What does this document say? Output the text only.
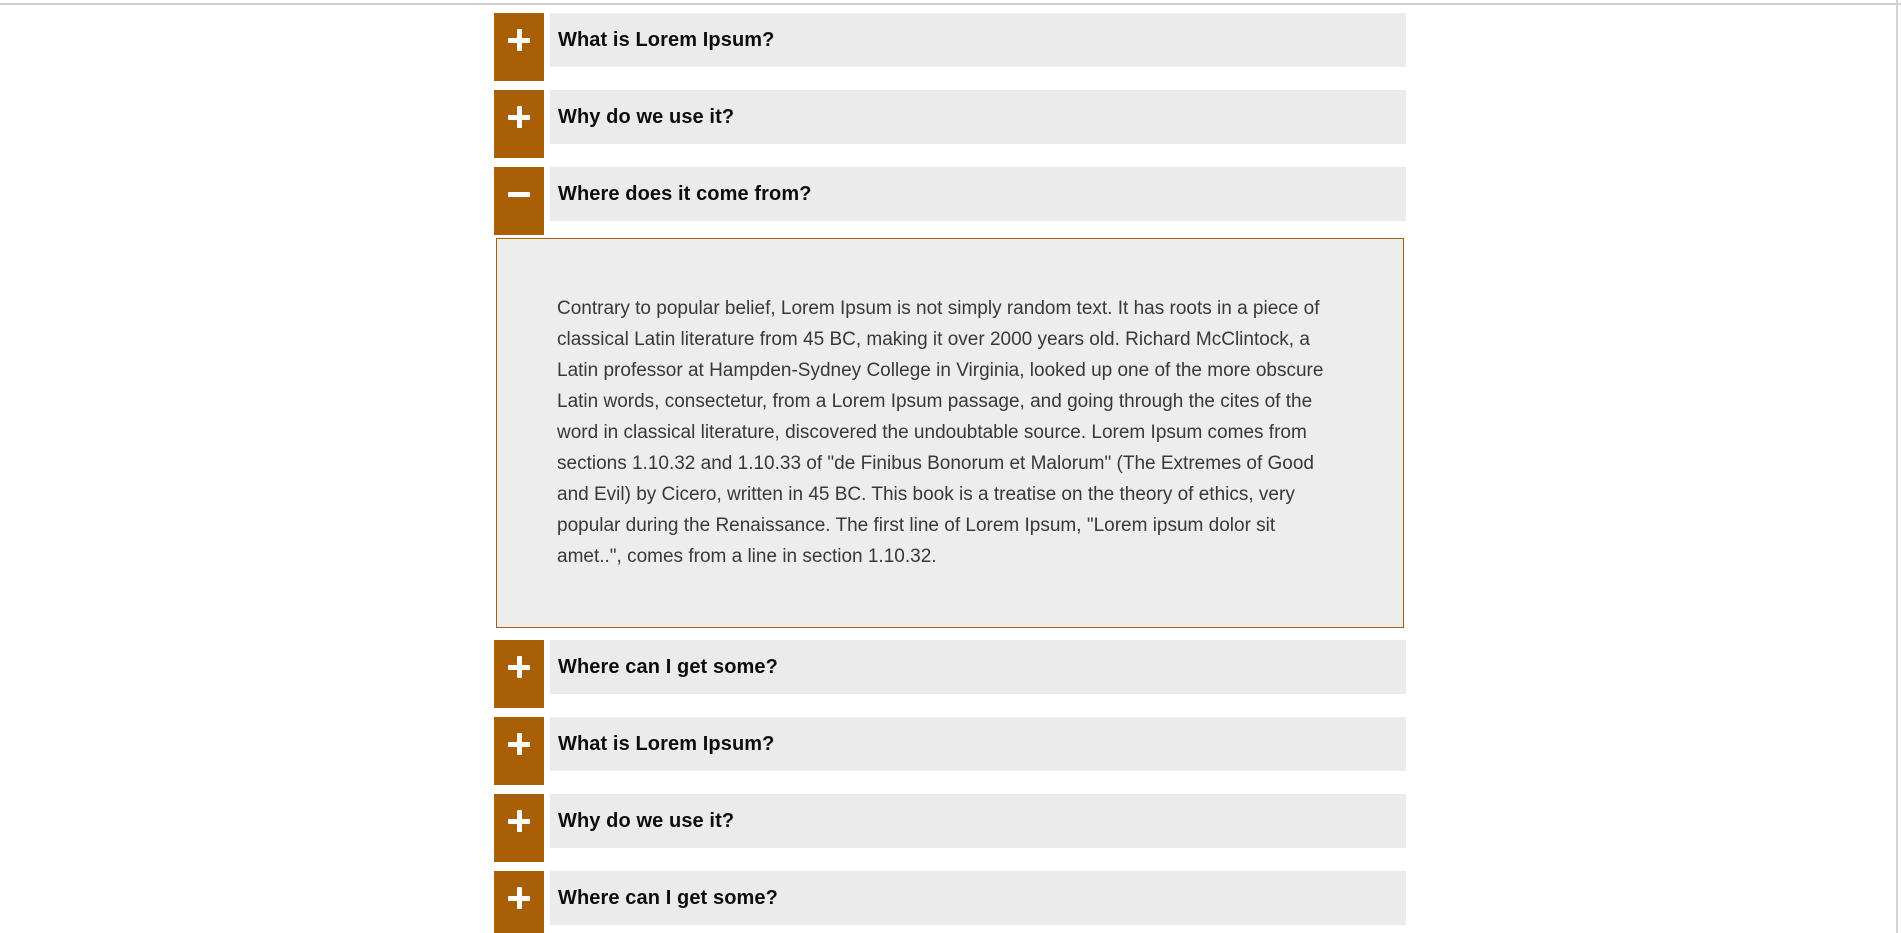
What is Lorem Ipsum?
Why do we use it?
Where does it come from?

Contrary to popular belief, Lorem Ipsum is not simply random text. It has roots in a piece of classical Latin literature from 45 BC, making it over 2000 years old. Richard McClintock, a Latin professor at Hampden-Sydney College in Virginia, looked up one of the more obscure Latin words, consectetur, from a Lorem Ipsum passage, and going through the cites of the word in classical literature, discovered the undoubtable source. Lorem Ipsum comes from sections 1.10.32 and 1.10.33 of "de Finibus Bonorum et Malorum" (The Extremes of Good and Evil) by Cicero, written in 45 BC. This book is a treatise on the theory of ethics, very popular during the Renaissance. The first line of Lorem Ipsum, "Lorem ipsum dolor sit amet..", comes from a line in section 1.10.32.

Where can I get some?
What is Lorem Ipsum?
Why do we use it?
Where can I get some?
